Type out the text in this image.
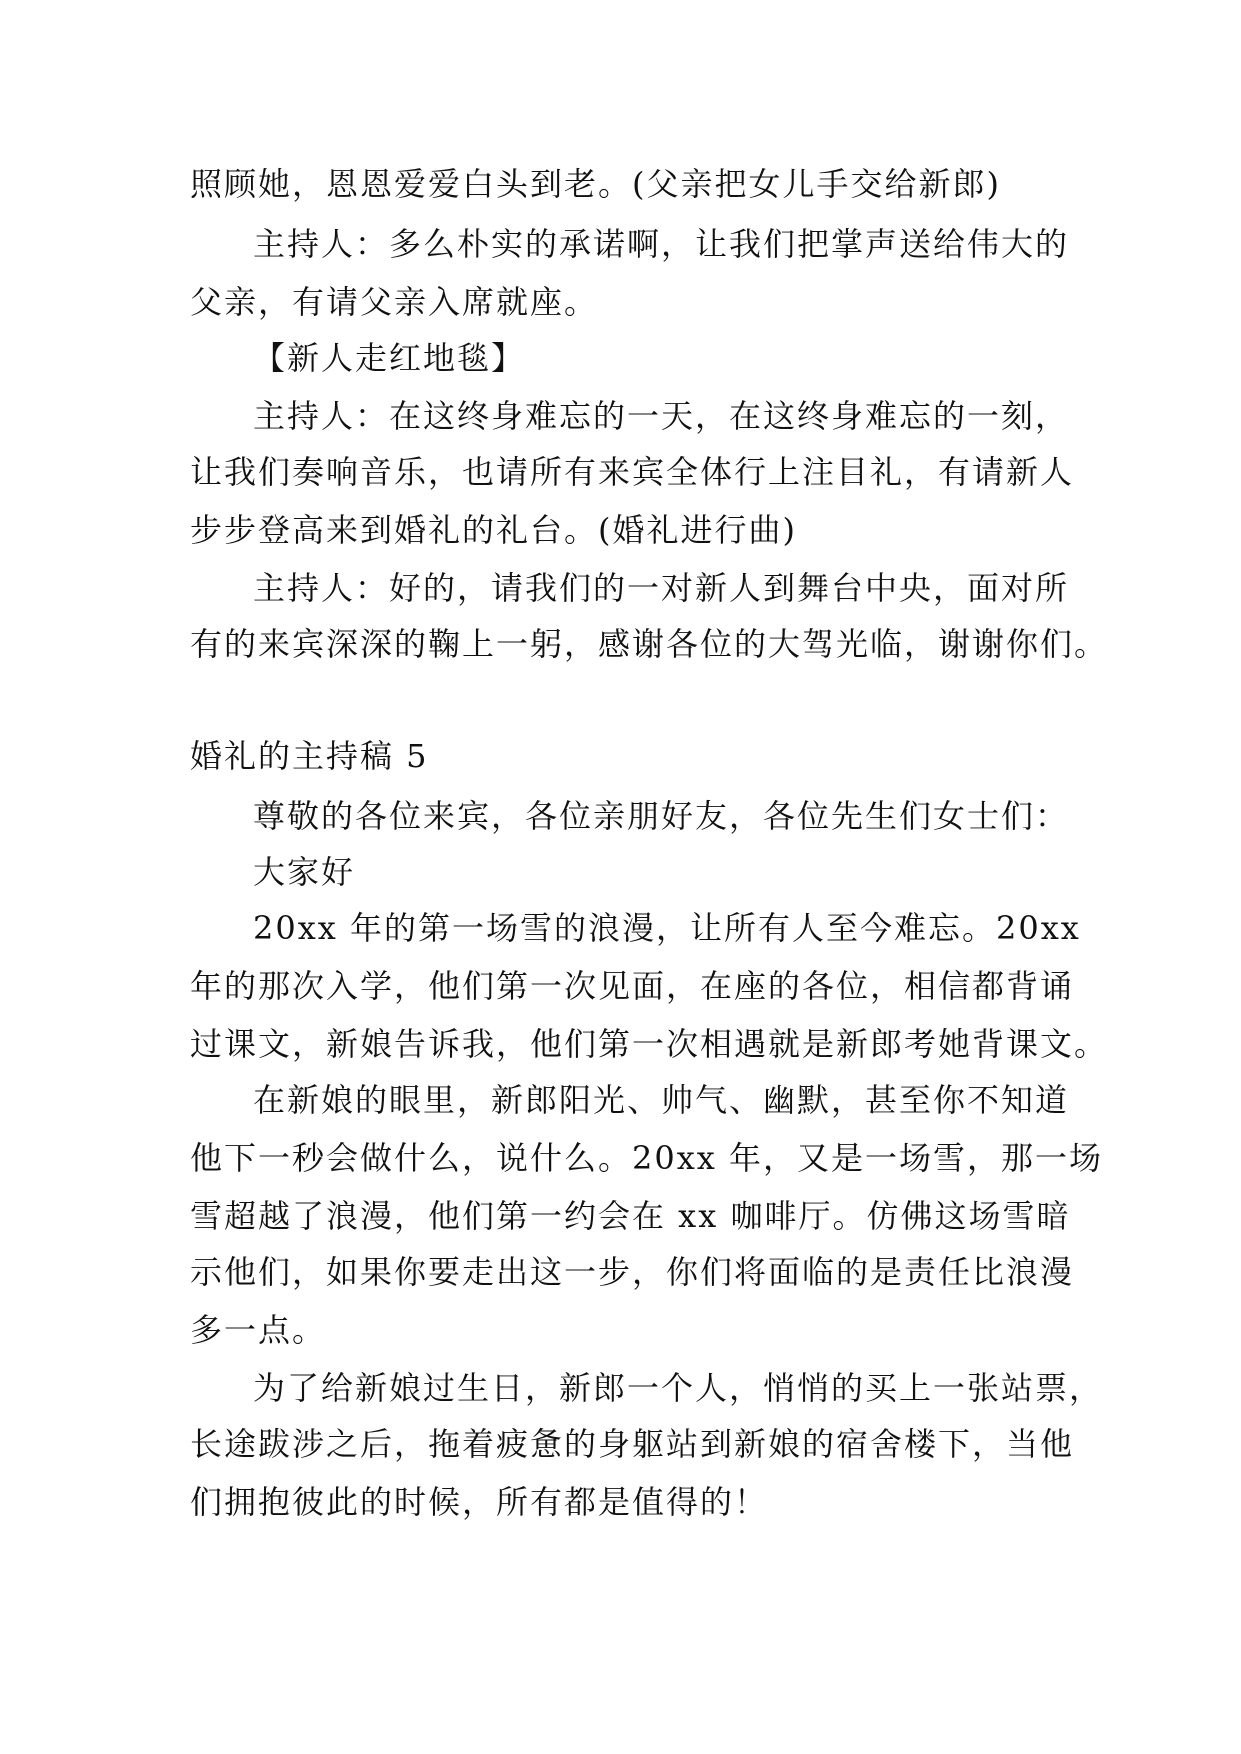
照顾她，恩恩爱爱白头到老。(父亲把女儿手交给新郎)
主持人：多么朴实的承诺啊，让我们把掌声送给伟大的
父亲，有请父亲入席就座。
【新人走红地毯】
主持人：在这终身难忘的一天，在这终身难忘的一刻，
让我们奏响音乐，也请所有来宾全体行上注目礼，有请新人
步步登高来到婚礼的礼台。(婚礼进行曲)
主持人：好的，请我们的一对新人到舞台中央，面对所
有的来宾深深的鞠上一躬，感谢各位的大驾光临，谢谢你们。
婚礼的主持稿 5
尊敬的各位来宾，各位亲朋好友，各位先生们女士们：
大家好
20xx 年的第一场雪的浪漫，让所有人至今难忘。20xx
年的那次入学，他们第一次见面，在座的各位，相信都背诵
过课文，新娘告诉我，他们第一次相遇就是新郎考她背课文。
在新娘的眼里，新郎阳光、帅气、幽默，甚至你不知道
他下一秒会做什么，说什么。20xx 年，又是一场雪，那一场
雪超越了浪漫，他们第一约会在 xx 咖啡厅。仿佛这场雪暗
示他们，如果你要走出这一步，你们将面临的是责任比浪漫
多一点。
为了给新娘过生日，新郎一个人，悄悄的买上一张站票，
长途跋涉之后，拖着疲惫的身躯站到新娘的宿舍楼下，当他
们拥抱彼此的时候，所有都是值得的！
